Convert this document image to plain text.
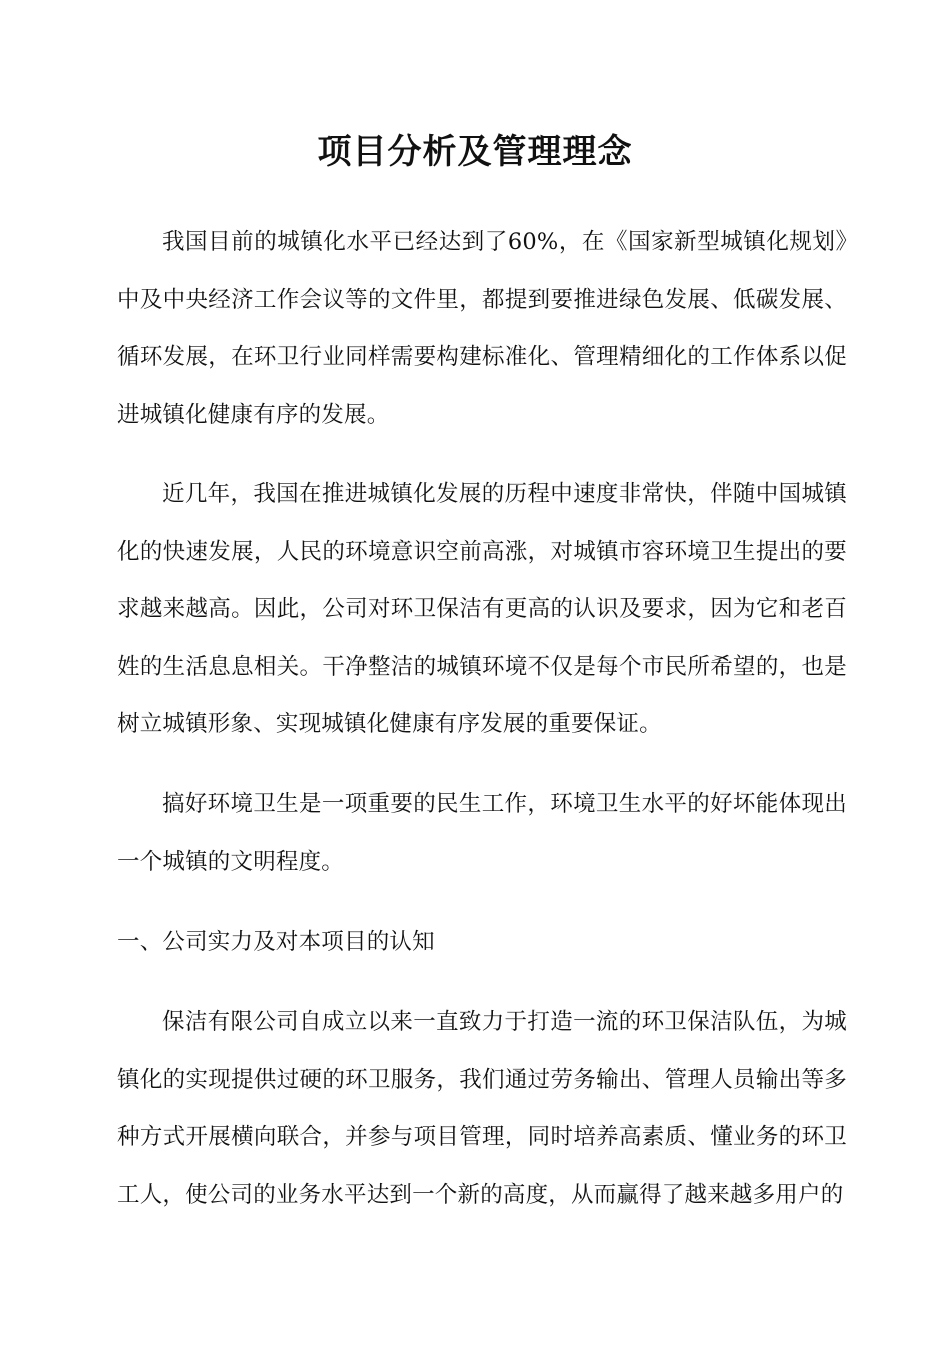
项目分析及管理理念

我国目前的城镇化水平已经达到了60%，在《国家新型城镇化规划》中及中央经济工作会议等的文件里，都提到要推进绿色发展、低碳发展、循环发展，在环卫行业同样需要构建标准化、管理精细化的工作体系以促进城镇化健康有序的发展。

近几年，我国在推进城镇化发展的历程中速度非常快，伴随中国城镇化的快速发展，人民的环境意识空前高涨，对城镇市容环境卫生提出的要求越来越高。因此，公司对环卫保洁有更高的认识及要求，因为它和老百姓的生活息息相关。干净整洁的城镇环境不仅是每个市民所希望的，也是树立城镇形象、实现城镇化健康有序发展的重要保证。

搞好环境卫生是一项重要的民生工作，环境卫生水平的好坏能体现出一个城镇的文明程度。

一、公司实力及对本项目的认知

保洁有限公司自成立以来一直致力于打造一流的环卫保洁队伍，为城镇化的实现提供过硬的环卫服务，我们通过劳务输出、管理人员输出等多种方式开展横向联合，并参与项目管理，同时培养高素质、懂业务的环卫工人，使公司的业务水平达到一个新的高度，从而赢得了越来越多用户的
